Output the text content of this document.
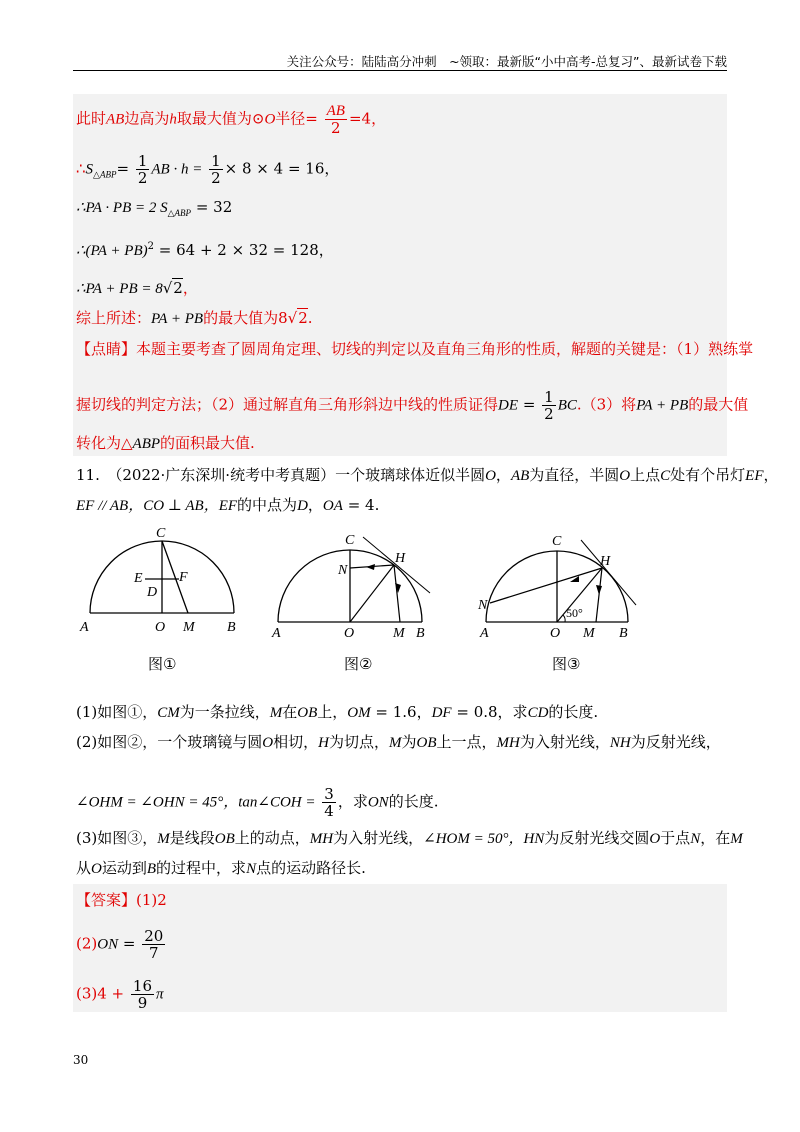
关注公众号：陆陆高分冲刺　~领取：最新版“小中高考-总复习”、最新试卷下载
此时AB边高为h取最大值为⊙O半径= $\frac{AB}{2} =4$，
$\therefore S_{\triangle ABP}= \frac{1}{2}$ AB · $h = \frac{1}{2} \times 8 \times 4 = 16$，
∴PA · PB = 2 $S_{\triangle ABP} = 32$
∴(PA + PB)$^2$ = 64 + 2 × 32 = 128，
∴PA + PB = 8√2，
综上所述：PA + PB的最大值为8√2.
【点睛】本题主要考查了圆周角定理、切线的判定以及直角三角形的性质，解题的关键是：（1）熟练掌
握切线的判定方法；（2）通过解直角三角形斜边中线的性质证得DE = $\frac{1}{2} BC.(3)$将PA + PB的最大值
转化为△ABP的面积最大值.
11.　（2022·广东深圳·统考中考真题）一个玻璃球体近似半圆O，AB为直径，半圆O上点C处有个吊灯EF，
EF // AB，CO ⊥ AB，EF的中点为D，OA = 4.
C
E
D
F
A	O M B
图①
C
H
N
A	O	M B
图②
C
H
N	50°
A	O M B
图③
(1)如图①，CM为一条拉线，M在OB上，OM = 1.6，DF = 0.8，求CD的长度.
(2)如图②，一个玻璃镜与圆O相切，H为切点，M为OB上一点，MH为入射光线，NH为反射光线，
∠OHM = ∠OHN = 45°，tan∠COH = $\frac{3}{4}$ ，求ON的长度.
(3)如图③，M是线段OB上的动点，MH为入射光线，∠HOM = 50°，HN为反射光线交圆O于点N，在M
从O运动到B的过程中，求N点的运动路径长.
【答案】(1)2
$(2)ON = \frac{20}{7}$
$(3)4 + \frac{16}{9}$ π
30
